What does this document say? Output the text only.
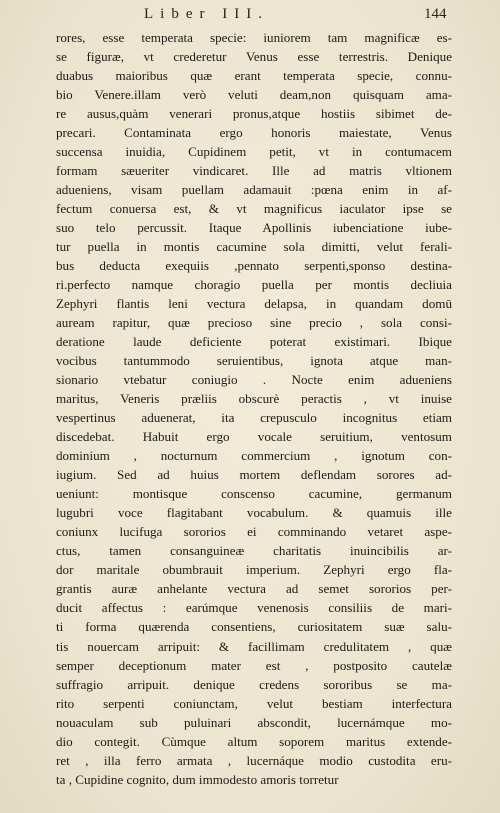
Liber III.	144
rores, esse temperata specie: iuniorem tam magnificæ es-
se figuræ, vt crederetur Venus esse terrestris. Denique
duabus maioribus quæ erant temperata specie, connu-
bio Venere.illam verò veluti deam,non quisquam ama-
re ausus,quàm venerari pronus,atque hostiis sibimet de-
precari. Contaminata ergo honoris maiestate, Venus
succensa inuidia, Cupidinem petit, vt in contumacem
formam sæueriter vindicaret. Ille ad matris vltionem
adueniens, visam puellam adamauit :pœna enim in af-
fectum conuersa est, & vt magnificus iaculator ipse se
suo telo percussit. Itaque Apollinis iubenciatione iube-
tur puella in montis cacumine sola dimitti, velut ferali-
bus deducta exequiis ,pennato serpenti,sponso destina-
ri.perfecto namque choragio puella per montis decliuia
Zephyri flantis leni vectura delapsa, in quandam domū
auream rapitur, quæ precioso sine precio , sola consi-
deratione laude deficiente poterat existimari. Ibique
vocibus tantummodo seruientibus, ignota atque man-
sionario vtebatur coniugio . Nocte enim adueniens
maritus, Veneris præliis obscurè peractis , vt inuise
vespertinus aduenerat, ita crepusculo incognitus etiam
discedebat. Habuit ergo vocale seruitium, ventosum
dominium , nocturnum commercium , ignotum con-
iugium. Sed ad huius mortem deflendam sorores ad-
ueniunt: montisque conscenso cacumine, germanum
lugubri voce flagitabant vocabulum. & quamuis ille
coniunx lucifuga sororios ei comminando vetaret aspe-
ctus, tamen consanguineæ charitatis inuincibilis ar-
dor maritale obumbrauit imperium. Zephyri ergo fla-
grantis auræ anhelante vectura ad semet sororios per-
ducit affectus : earúmque venenosis consiliis de mari-
ti forma quærenda consentiens, curiositatem suæ salu-
tis nouercam arripuit: & facillimam credulitatem , quæ
semper deceptionum mater est , postposito cautelæ
suffragio arripuit. denique credens sororibus se ma-
rito serpenti coniunctam, velut bestiam interfectura
nouaculam sub puluinari abscondit, lucernámque mo-
dio contegit. Cùmque altum soporem maritus extende-
ret , illa ferro armata , lucernáque modio custodita eru-
ta , Cupidine cognito, dum immodesto amoris torretur
